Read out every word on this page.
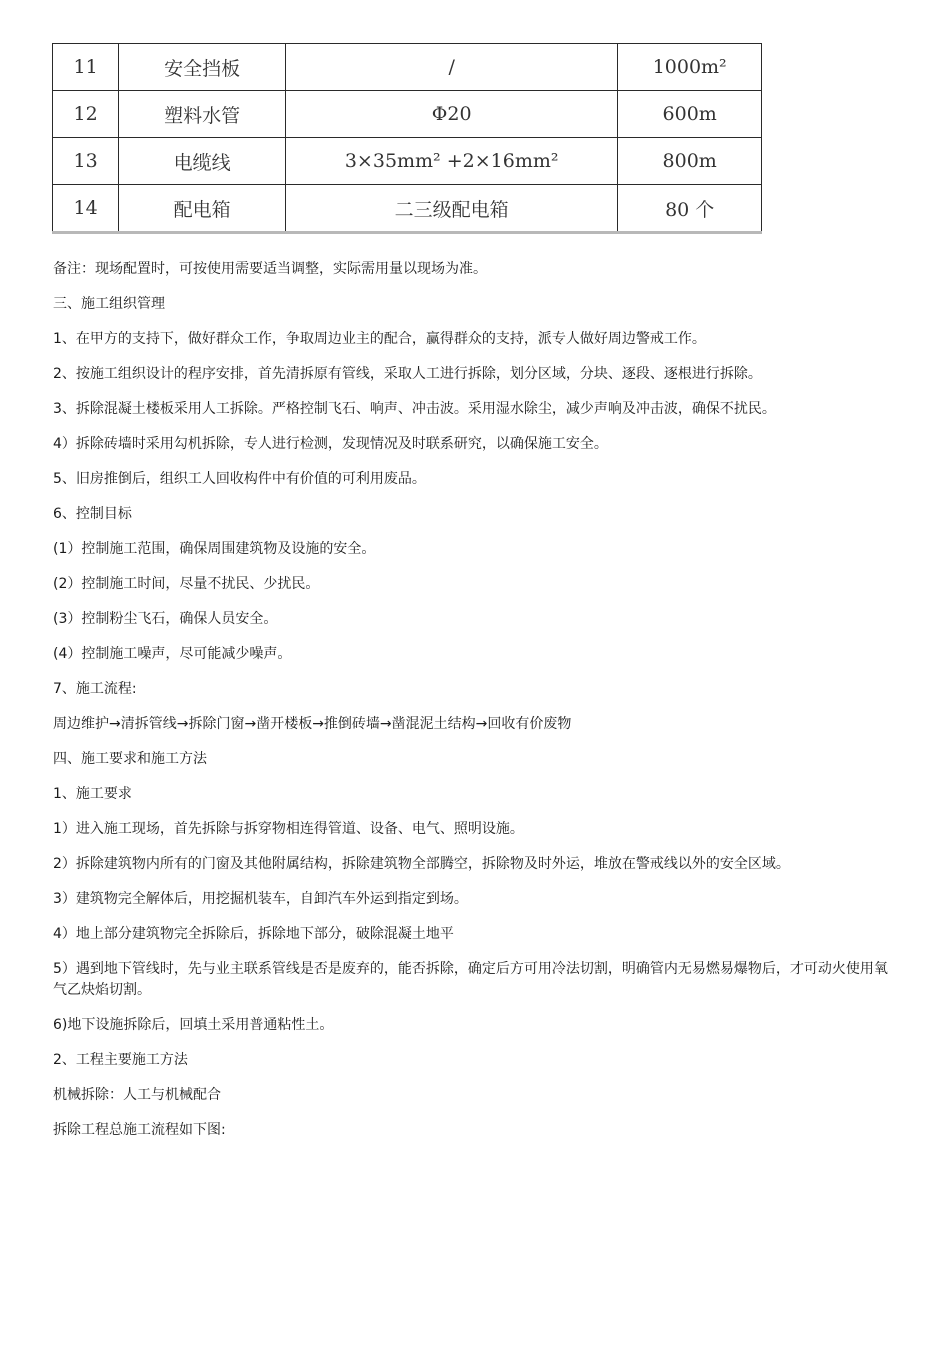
11	安全挡板	/	1000m²
12	塑料水管	Φ20	600m
13	电缆线	3×35mm² +2×16mm²	800m
14	配电箱	二三级配电箱	80 个

备注：现场配置时，可按使用需要适当调整，实际需用量以现场为准。

三、施工组织管理

1、在甲方的支持下，做好群众工作，争取周边业主的配合，赢得群众的支持，派专人做好周边警戒工作。

2、按施工组织设计的程序安排，首先清拆原有管线，采取人工进行拆除，划分区域，分块、逐段、逐根进行拆除。

3、拆除混凝土楼板采用人工拆除。严格控制飞石、响声、冲击波。采用湿水除尘，减少声响及冲击波，确保不扰民。

4）拆除砖墙时采用勾机拆除，专人进行检测，发现情况及时联系研究，以确保施工安全。

5、旧房推倒后，组织工人回收构件中有价值的可利用废品。

6、控制目标

(1）控制施工范围，确保周围建筑物及设施的安全。

(2）控制施工时间，尽量不扰民、少扰民。

(3）控制粉尘飞石，确保人员安全。

(4）控制施工噪声，尽可能减少噪声。

7、施工流程:

周边维护→清拆管线→拆除门窗→凿开楼板→推倒砖墙→凿混泥土结构→回收有价废物

四、施工要求和施工方法

1、施工要求

1）进入施工现场，首先拆除与拆穿物相连得管道、设备、电气、照明设施。

2）拆除建筑物内所有的门窗及其他附属结构，拆除建筑物全部腾空，拆除物及时外运，堆放在警戒线以外的安全区域。

3）建筑物完全解体后，用挖掘机装车，自卸汽车外运到指定到场。

4）地上部分建筑物完全拆除后，拆除地下部分，破除混凝土地平

5）遇到地下管线时，先与业主联系管线是否是废弃的，能否拆除，确定后方可用冷法切割，明确管内无易燃易爆物后，才可动火使用氧气乙炔焰切割。

6)地下设施拆除后，回填土采用普通粘性土。

2、工程主要施工方法

机械拆除：人工与机械配合

拆除工程总施工流程如下图:
